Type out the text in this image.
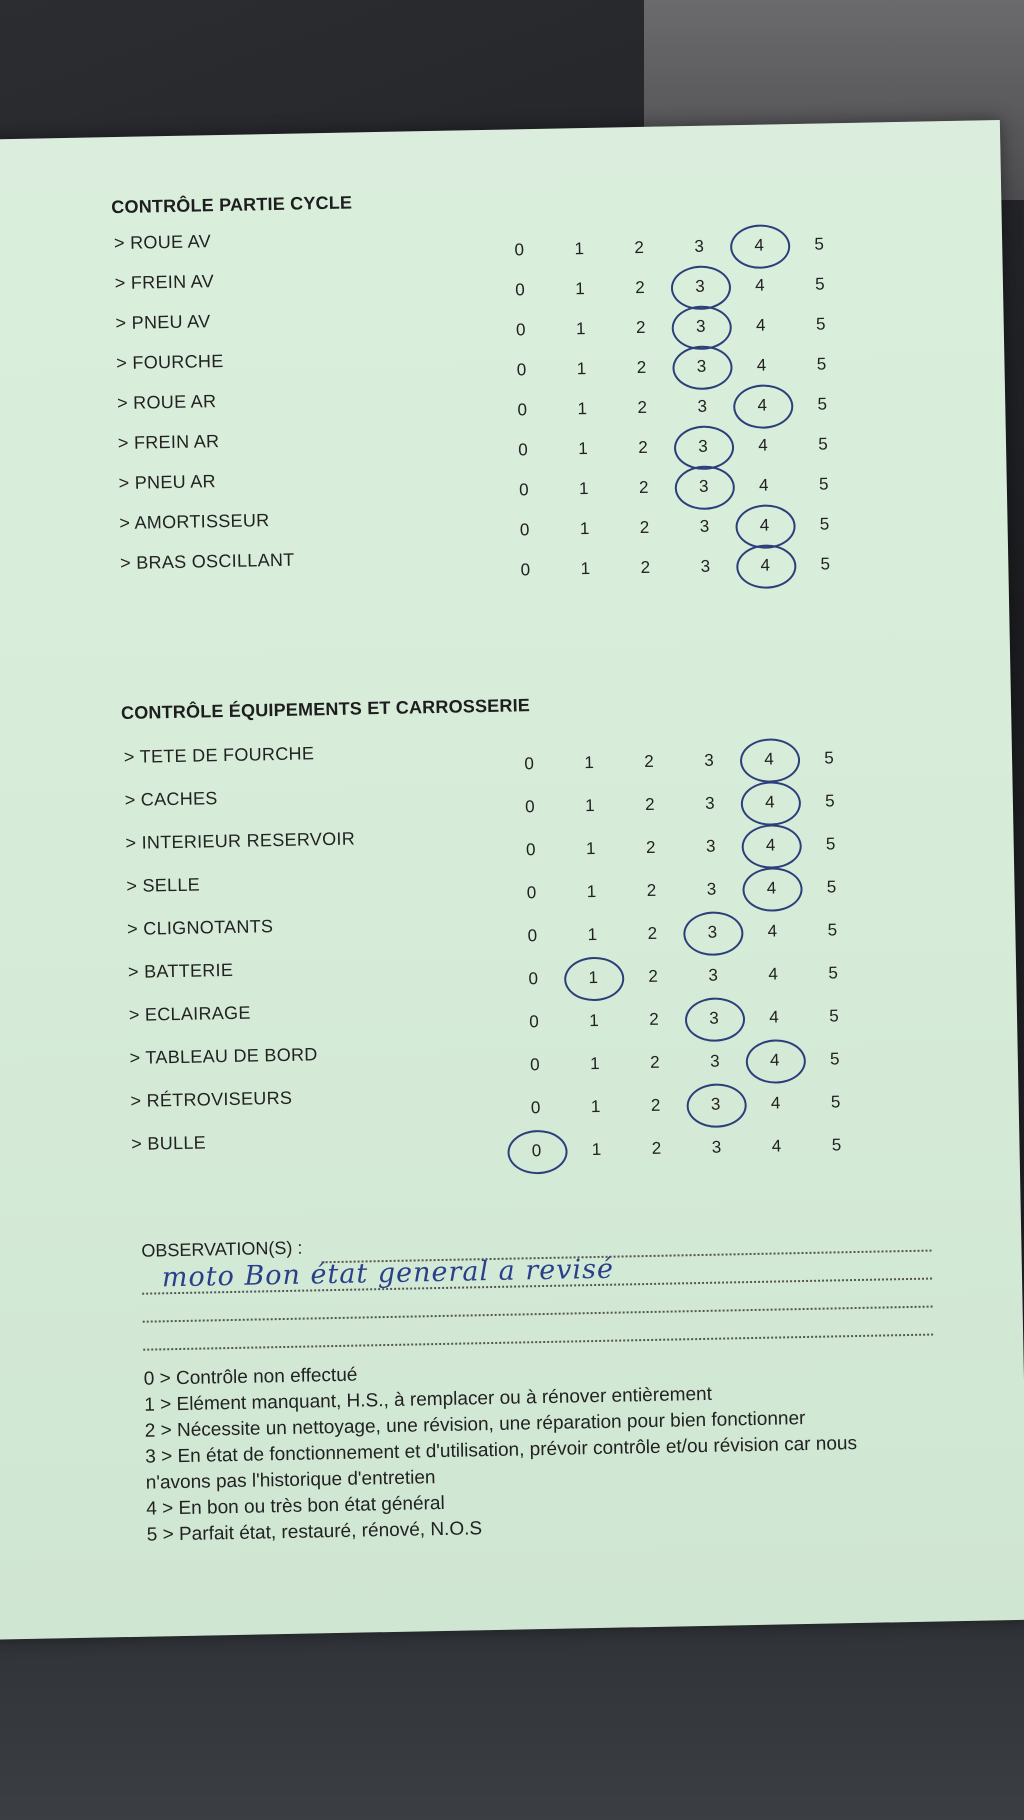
CONTRÔLE PARTIE CYCLE
> ROUE AV	0	1	2	3	4	5
> FREIN AV	0	1	2	3	4	5
> PNEU AV	0	1	2	3	4	5
> FOURCHE	0	1	2	3	4	5
> ROUE AR	0	1	2	3	4	5
> FREIN AR	0	1	2	3	4	5
> PNEU AR	0	1	2	3	4	5
> AMORTISSEUR	0	1	2	3	4	5
> BRAS OSCILLANT	0	1	2	3	4	5
CONTRÔLE ÉQUIPEMENTS ET CARROSSERIE
> TETE DE FOURCHE	0	1	2	3	4	5
> CACHES	0	1	2	3	4	5
> INTERIEUR RESERVOIR	0	1	2	3	4	5
> SELLE	0	1	2	3	4	5
> CLIGNOTANTS	0	1	2	3	4	5
> BATTERIE	0	1	2	3	4	5
> ECLAIRAGE	0	1	2	3	4	5
> TABLEAU DE BORD	0	1	2	3	4	5
> RÉTROVISEURS	0	1	2	3	4	5
> BULLE	0	1	2	3	4	5
OBSERVATION(S) :
moto Bon état general a revisé
0 > Contrôle non effectué
1 > Elément manquant, H.S., à remplacer ou à rénover entièrement
2 > Nécessite un nettoyage, une révision, une réparation pour bien fonctionner
3 > En état de fonctionnement et d'utilisation, prévoir contrôle et/ou révision car nous
n'avons pas l'historique d'entretien
4 > En bon ou très bon état général
5 > Parfait état, restauré, rénové, N.O.S
